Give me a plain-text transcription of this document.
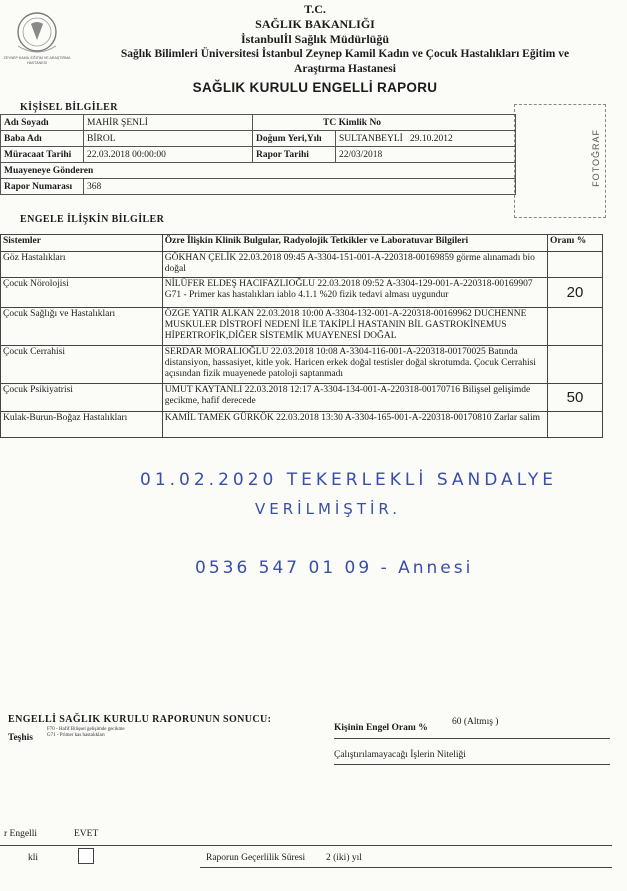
ZEYNEP KAMİL EĞİTİM VE ARAŞTIRMA HASTANESİ
T.C.
SAĞLIK BAKANLIĞI
İstanbulİl Sağlık Müdürlüğü
Sağlık Bilimleri Üniversitesi İstanbul Zeynep Kamil Kadın ve Çocuk Hastalıkları Eğitim ve
Araştırma Hastanesi
SAĞLIK KURULU ENGELLİ RAPORU
KİŞİSEL BİLGİLER
FOTOĞRAF
Adı Soyadı	MAHİR ŞENLİ	TC Kimlik No	
Baba Adı	BİROL	Doğum Yeri,Yılı	SULTANBEYLİ 29.10.2012
Müracaat Tarihi	22.03.2018 00:00:00	Rapor Tarihi	22/03/2018
Muayeneye Gönderen			
Rapor Numarası	368		
ENGELE İLİŞKİN BİLGİLER
Sistemler	Özre İlişkin Klinik Bulgular, Radyolojik Tetkikler ve Laboratuvar Bilgileri	Oranı %
Göz Hastalıkları	GÖKHAN ÇELİK 22.03.2018 09:45 A-3304-151-001-A-220318-00169859 görme alınamadı bio doğal	
Çocuk Nörolojisi	NİLÜFER ELDEŞ HACIFAZLIOĞLU 22.03.2018 09:52 A-3304-129-001-A-220318-00169907 G71 - Primer kas hastalıkları iablo 4.1.1 %20 fizik tedavi alması uygundur	20
Çocuk Sağlığı ve Hastalıkları	ÖZGE YATIR ALKAN 22.03.2018 10:00 A-3304-132-001-A-220318-00169962 DUCHENNE MUSKULER DİSTROFİ NEDENİ İLE TAKİPLİ HASTANIN BİL GASTROKİNEMUS HİPERTROFİK,DİĞER SİSTEMİK MUAYENESİ DOĞAL	
Çocuk Cerrahisi	SERDAR MORALIOĞLU 22.03.2018 10:08 A-3304-116-001-A-220318-00170025 Batında distansiyon, hassasiyet, kitle yok. Haricen erkek doğal testisler doğal skrotumda. Çocuk Cerrahisi açısından fizik muayenede patoloji saptanmadı	
Çocuk Psikiyatrisi	UMUT KAYTANLI 22.03.2018 12:17 A-3304-134-001-A-220318-00170716 Bilişsel gelişimde gecikme, hafif derecede	50
Kulak-Burun-Boğaz Hastalıkları	KAMİL TAMEK GÜRKÖK 22.03.2018 13:30 A-3304-165-001-A-220318-00170810 Zarlar salim	
01.02.2020 TEKERLEKLİ SANDALYE
VERİLMİŞTİR.
0536 547 01 09 - Annesi
ENGELLİ SAĞLIK KURULU RAPORUNUN SONUCU:
Teşhis
F70 - Hafif Bilişsel gelişimde gecikme
G71 - Primer kas hastalıkları
Kişinin Engel Oranı %
60 (Altmış )
Çalıştırılamayacağı İşlerin Niteliği
r Engelli	EVET
kli	Raporun Geçerlilik Süresi 2 (iki) yıl
